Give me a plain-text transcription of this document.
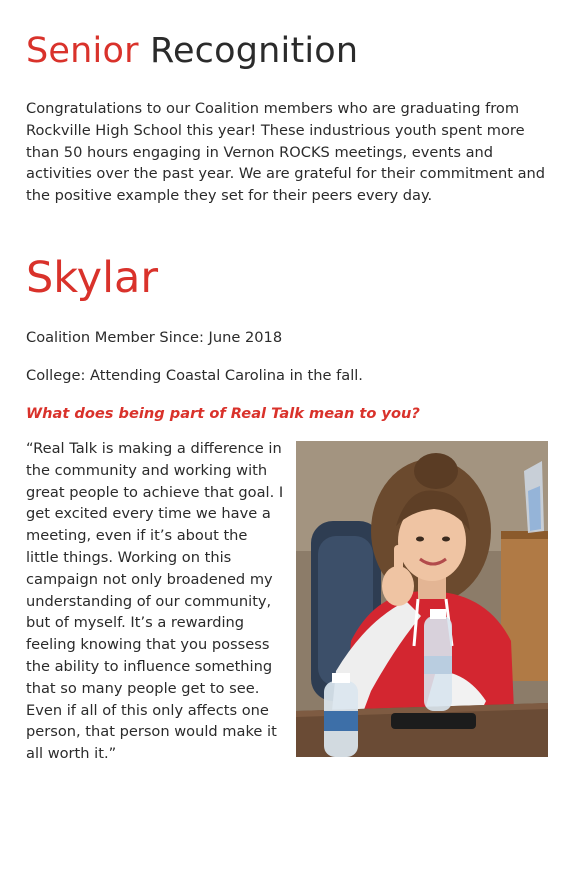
Senior Recognition

Congratulations to our Coalition members who are graduating from Rockville High School this year! These industrious youth spent more than 50 hours engaging in Vernon ROCKS meetings, events and activities over the past year. We are grateful for their commitment and the positive example they set for their peers every day.

Skylar

Coalition Member Since: June 2018

College: Attending Coastal Carolina in the fall.

What does being part of Real Talk mean to you?

“Real Talk is making a difference in the community and working with great people to achieve that goal. I get excited every time we have a meeting, even if it’s about the little things. Working on this campaign not only broadened my understanding of our community, but of myself. It’s a rewarding feeling knowing that you possess the ability to influence something that so many people get to see. Even if all of this only affects one person, that person would make it all worth it.”
